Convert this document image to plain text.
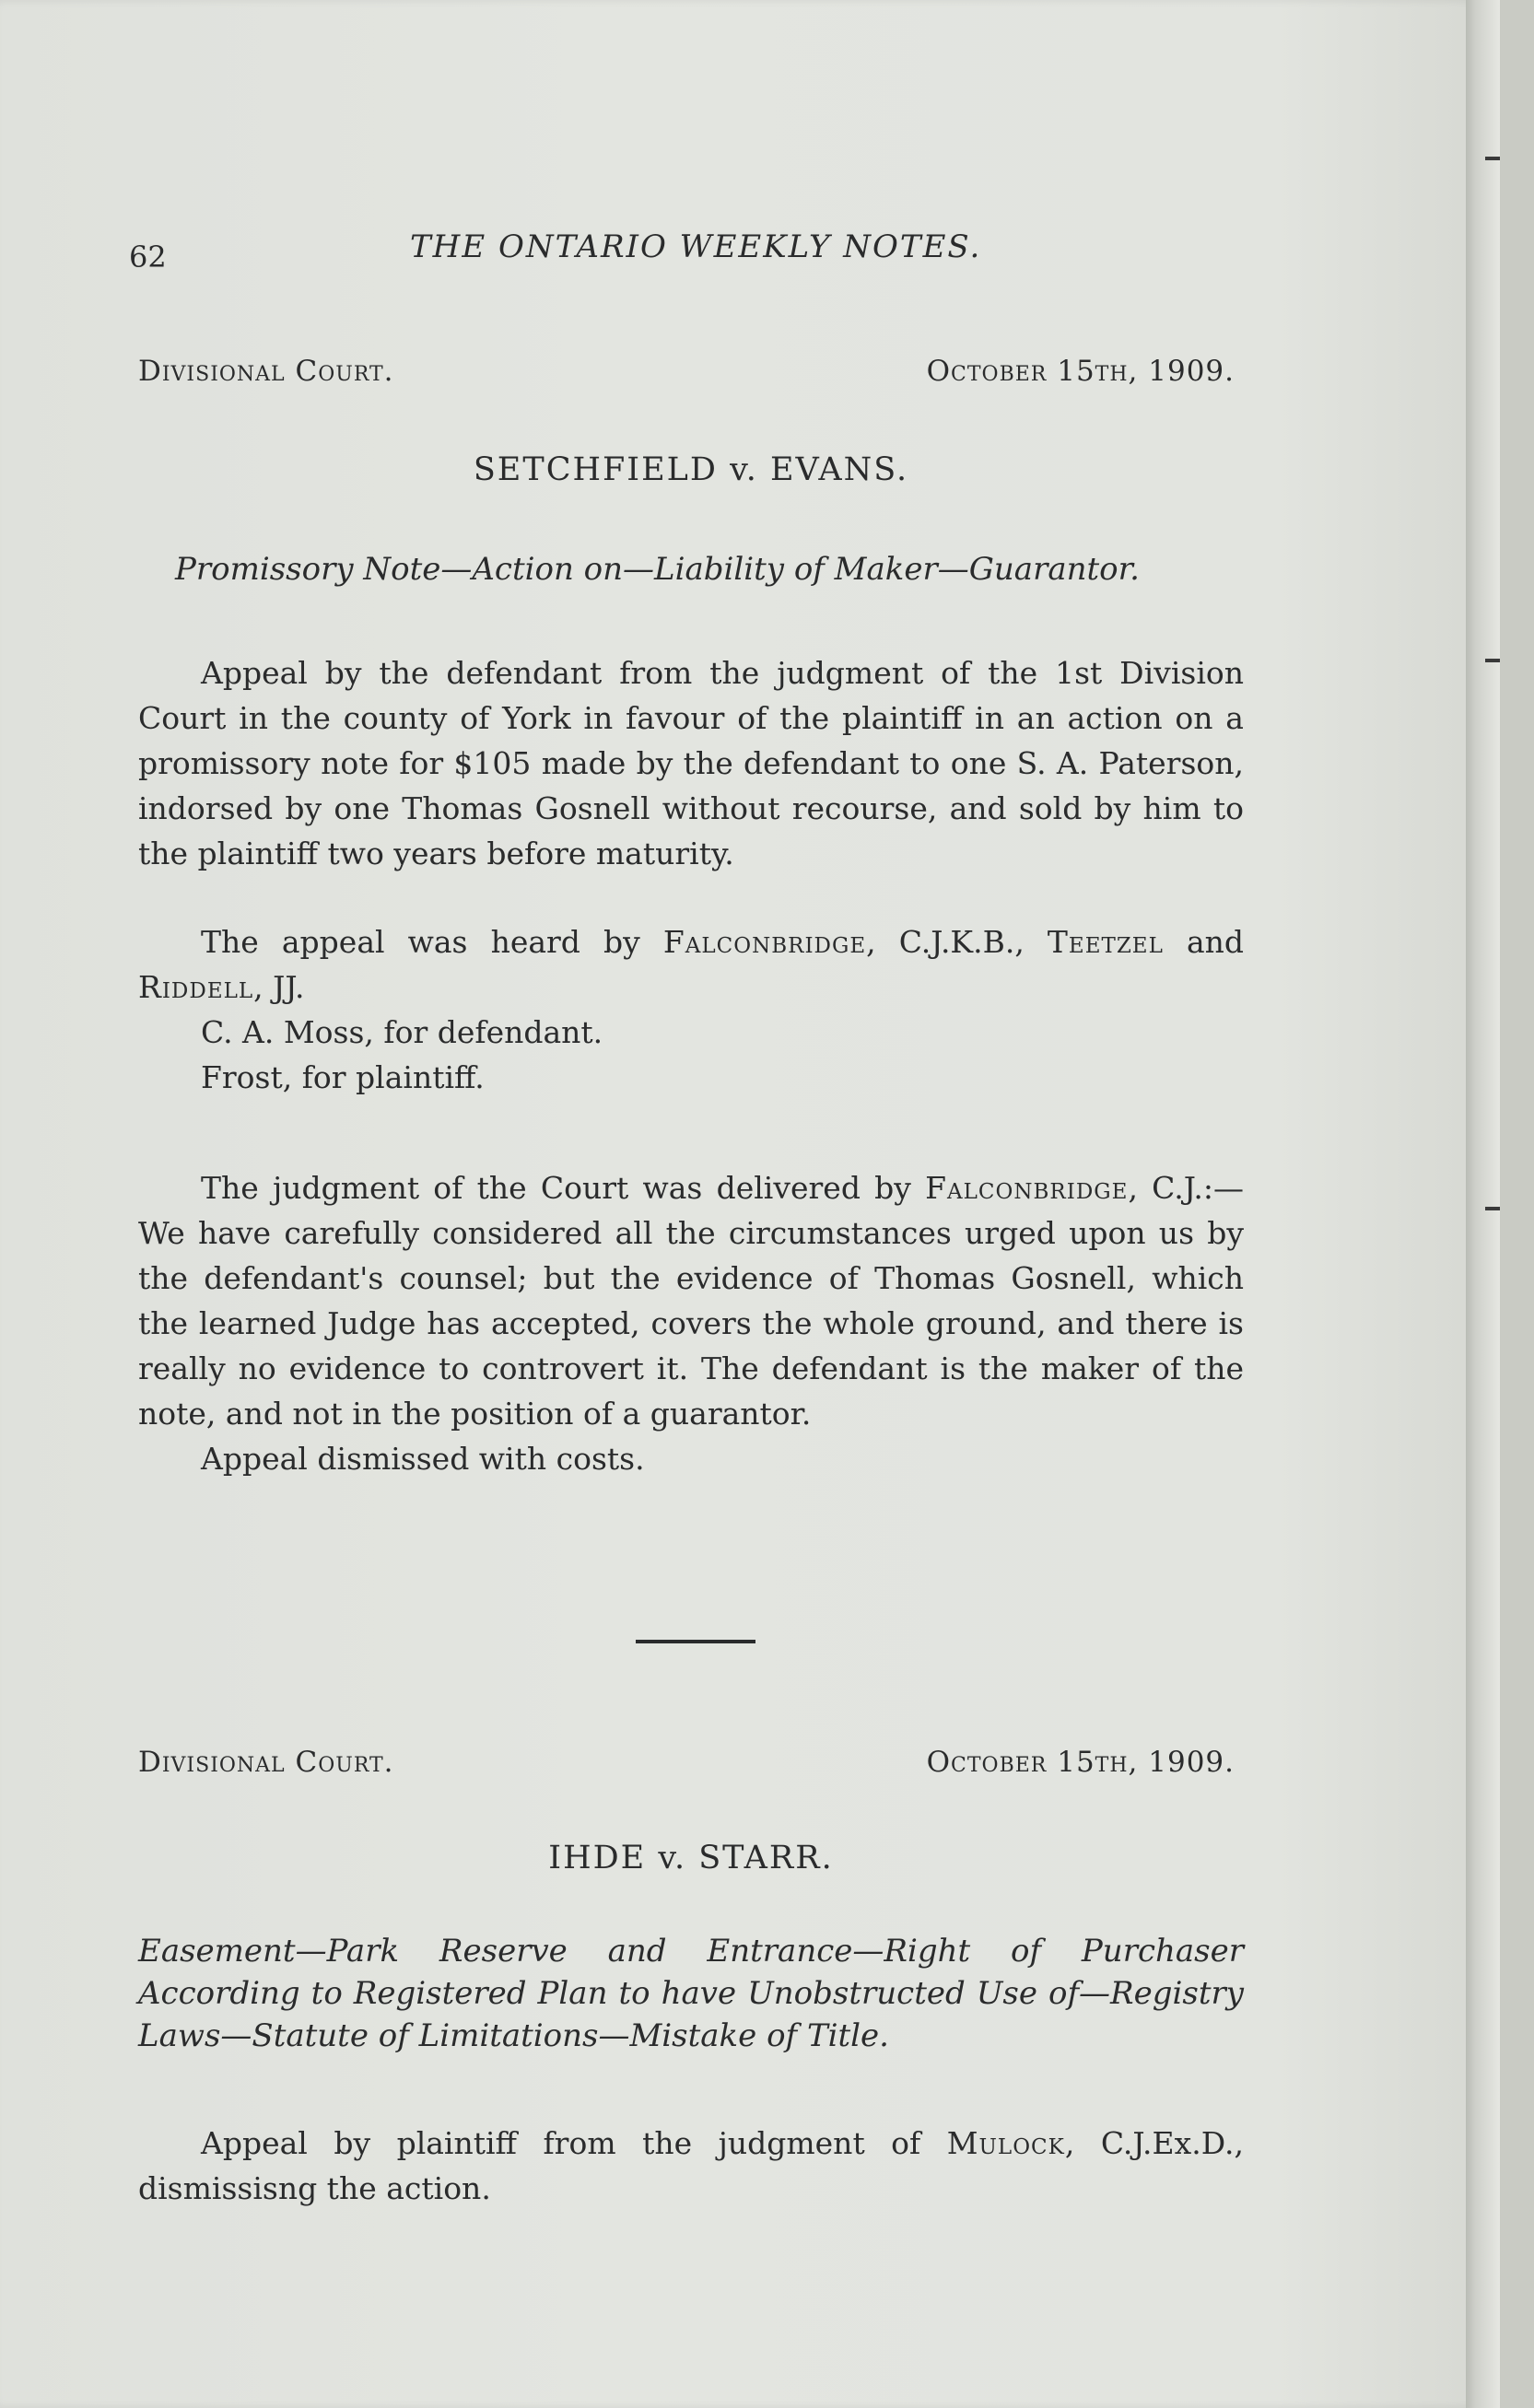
62	THE ONTARIO WEEKLY NOTES.
Divisional Court.	October 15th, 1909.
SETCHFIELD v. EVANS.
Promissory Note—Action on—Liability of Maker—Guarantor.

Appeal by the defendant from the judgment of the 1st Division Court in the county of York in favour of the plaintiff in an action on a promissory note for $105 made by the defendant to one S. A. Paterson, indorsed by one Thomas Gosnell without recourse, and sold by him to the plaintiff two years before maturity.

The appeal was heard by Falconbridge, C.J.K.B., Teetzel and Riddell, JJ.

C. A. Moss, for defendant.

Frost, for plaintiff.

The judgment of the Court was delivered by Falconbridge, C.J.:—We have carefully considered all the circumstances urged upon us by the defendant's counsel; but the evidence of Thomas Gosnell, which the learned Judge has accepted, covers the whole ground, and there is really no evidence to controvert it. The defendant is the maker of the note, and not in the position of a guarantor.

Appeal dismissed with costs.

Divisional Court.	October 15th, 1909.
IHDE v. STARR.
Easement—Park Reserve and Entrance—Right of Purchaser According to Registered Plan to have Unobstructed Use of—Registry Laws—Statute of Limitations—Mistake of Title.

Appeal by plaintiff from the judgment of Mulock, C.J.Ex.D., dismissisng the action.
